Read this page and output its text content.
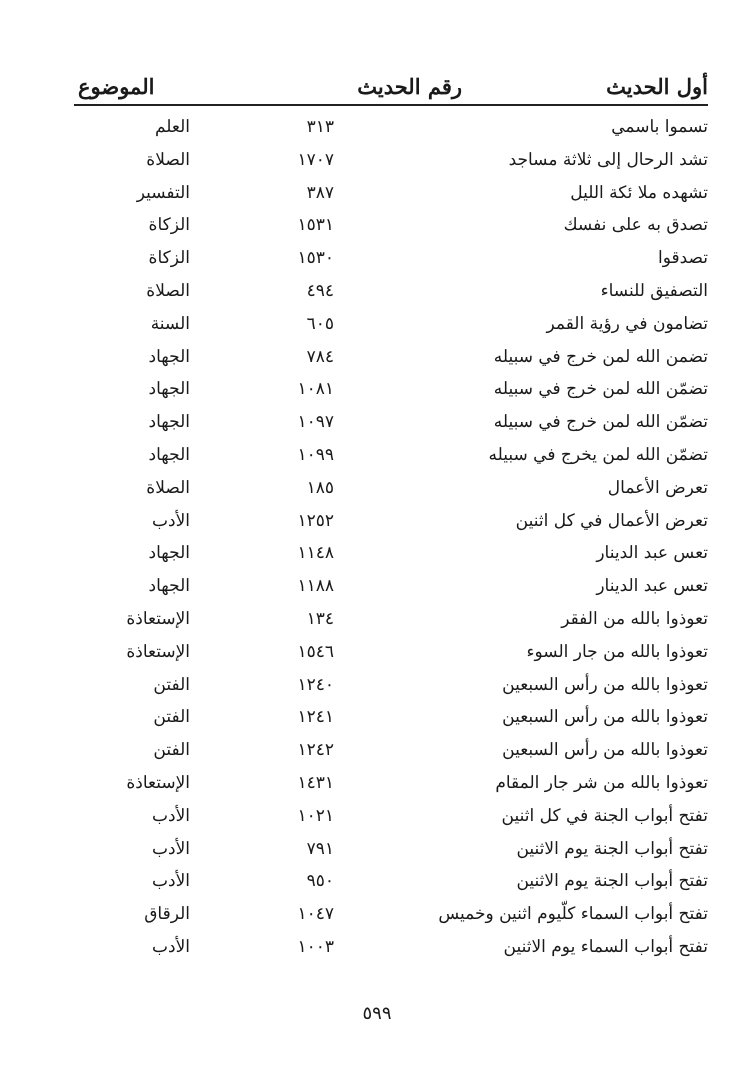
أول الحديث
رقم الحديث
الموضوع
تسموا باسمي
٣١٣
العلم
تشد الرحال إلى ثلاثة مساجد
١٧٠٧
الصلاة
تشهده ملا ئكة الليل
٣٨٧
التفسير
تصدق به على نفسك
١٥٣١
الزكاة
تصدقوا
١٥٣٠
الزكاة
التصفيق للنساء
٤٩٤
الصلاة
تضامون في رؤية القمر
٦٠٥
السنة
تضمن الله لمن خرج في سبيله
٧٨٤
الجهاد
تضمّن الله لمن خرج في سبيله
١٠٨١
الجهاد
تضمّن الله لمن خرج في سبيله
١٠٩٧
الجهاد
تضمّن الله لمن يخرج في سبيله
١٠٩٩
الجهاد
تعرض الأعمال
١٨٥
الصلاة
تعرض الأعمال في كل اثنين
١٢٥٢
الأدب
تعس عبد الدينار
١١٤٨
الجهاد
تعس عبد الدينار
١١٨٨
الجهاد
تعوذوا بالله من الفقر
١٣٤
الإستعاذة
تعوذوا بالله من جار السوء
١٥٤٦
الإستعاذة
تعوذوا بالله من رأس السبعين
١٢٤٠
الفتن
تعوذوا بالله من رأس السبعين
١٢٤١
الفتن
تعوذوا بالله من رأس السبعين
١٢٤٢
الفتن
تعوذوا بالله من شر جار المقام
١٤٣١
الإستعاذة
تفتح أبواب الجنة في كل اثنين
١٠٢١
الأدب
تفتح أبواب الجنة يوم الاثنين
٧٩١
الأدب
تفتح أبواب الجنة يوم الاثنين
٩٥٠
الأدب
تفتح أبواب السماء كلّيوم اثنين وخميس
١٠٤٧
الرقاق
تفتح أبواب السماء يوم الاثنين
١٠٠٣
الأدب
٥٩٩
